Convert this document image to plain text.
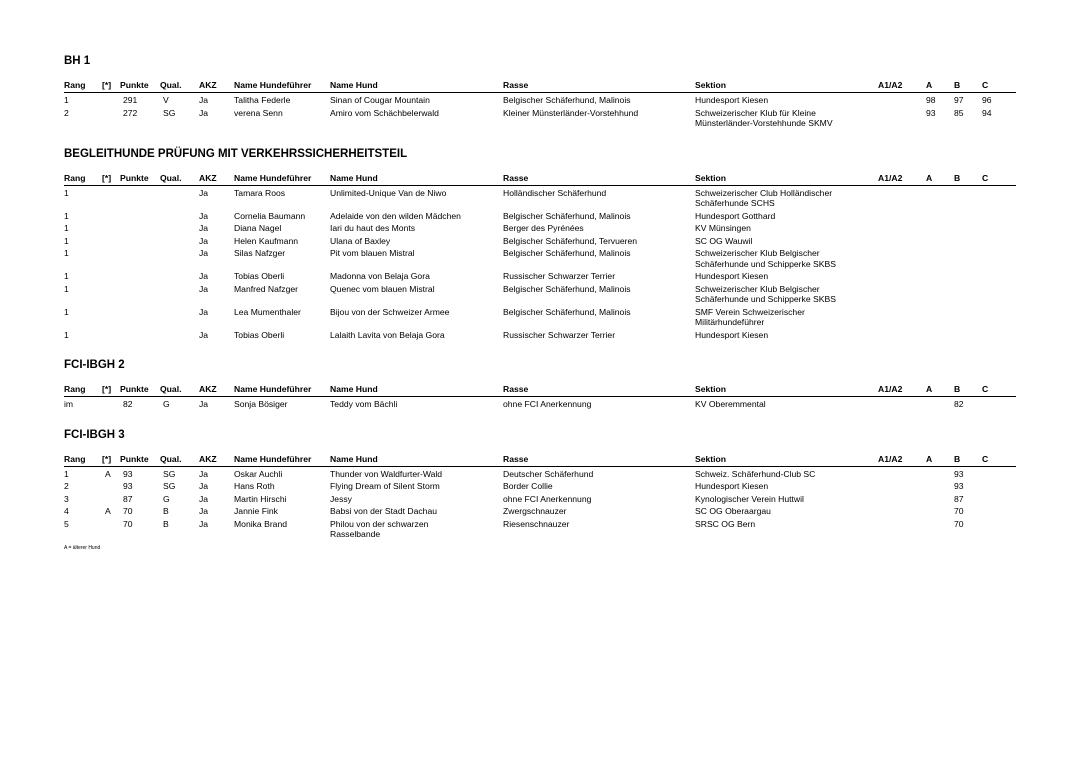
BH 1
Rang	[*]	Punkte	Qual.	AKZ	Name Hundeführer	Name Hund	Rasse	Sektion	A1/A2	A	B	C
1		291	V	Ja	Talitha Federle	Sinan of Cougar Mountain	Belgischer Schäferhund, Malinois	Hundesport Kiesen		98	97	96
2		272	SG	Ja	verena Senn	Amiro vom Schächbelerwald	Kleiner Münsterländer-Vorstehhund	Schweizerischer Klub für Kleine Münsterländer-Vorstehhunde SKMV		93	85	94
BEGLEITHUNDE PRÜFUNG MIT VERKEHRSSICHERHEITSTEIL
Rang	[*]	Punkte	Qual.	AKZ	Name Hundeführer	Name Hund	Rasse	Sektion	A1/A2	A	B	C
1				Ja	Tamara Roos	Unlimited-Unique Van de Niwo	Holländischer Schäferhund	Schweizerischer Club Holländischer Schäferhunde SCHS				
1				Ja	Cornelia Baumann	Adelaide von den wilden Mädchen	Belgischer Schäferhund, Malinois	Hundesport Gotthard				
1				Ja	Diana Nagel	Iari du haut des Monts	Berger des Pyrénées	KV Münsingen				
1				Ja	Helen Kaufmann	Ulana of Baxley	Belgischer Schäferhund, Tervueren	SC OG Wauwil				
1				Ja	Silas Nafzger	Pit vom blauen Mistral	Belgischer Schäferhund, Malinois	Schweizerischer Klub Belgischer Schäferhunde und Schipperke SKBS				
1				Ja	Tobias Oberli	Madonna von Belaja Gora	Russischer Schwarzer Terrier	Hundesport Kiesen				
1				Ja	Manfred Nafzger	Quenec vom blauen Mistral	Belgischer Schäferhund, Malinois	Schweizerischer Klub Belgischer Schäferhunde und Schipperke SKBS				
1				Ja	Lea Mumenthaler	Bijou von der Schweizer Armee	Belgischer Schäferhund, Malinois	SMF Verein Schweizerischer Militärhundeführer				
1				Ja	Tobias Oberli	Lalaith Lavita von Belaja Gora	Russischer Schwarzer Terrier	Hundesport Kiesen				
FCI-IBGH 2
Rang	[*]	Punkte	Qual.	AKZ	Name Hundeführer	Name Hund	Rasse	Sektion	A1/A2	A	B	C
im		82	G	Ja	Sonja Bösiger	Teddy vom Bächli	ohne FCI Anerkennung	KV Oberemmental			82	
FCI-IBGH 3
Rang	[*]	Punkte	Qual.	AKZ	Name Hundeführer	Name Hund	Rasse	Sektion	A1/A2	A	B	C
1	A	93	SG	Ja	Oskar Auchli	Thunder von Waldfurter-Wald	Deutscher Schäferhund	Schweiz. Schäferhund-Club SC			93	
2		93	SG	Ja	Hans Roth	Flying Dream of Silent Storm	Border Collie	Hundesport Kiesen			93	
3		87	G	Ja	Martin Hirschi	Jessy	ohne FCI Anerkennung	Kynologischer Verein Huttwil			87	
4	A	70	B	Ja	Jannie Fink	Babsi von der Stadt Dachau	Zwergschnauzer	SC OG Oberaargau			70	
5		70	B	Ja	Monika Brand	Philou von der schwarzen Rasselbande	Riesenschnauzer	SRSC OG Bern			70	
A = älterer Hund
